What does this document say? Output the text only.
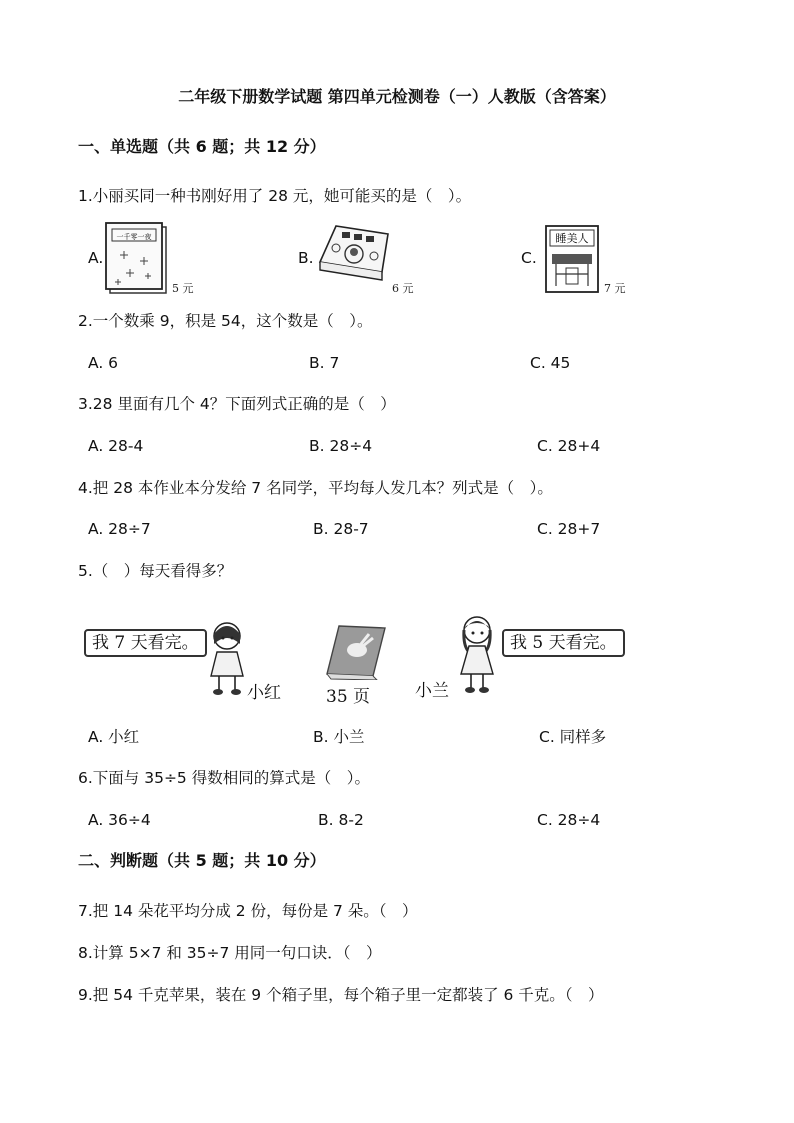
二年级下册数学试题 第四单元检测卷（一）人教版（含答案）
一、单选题（共 6 题；共 12 分）
1.小丽买同一种书刚好用了 28 元，她可能买的是（　）。
A.
一千零一夜
5 元
B.
6 元
C.
睡美人
7 元
2.一个数乘 9，积是 54，这个数是（　）。
A. 6	B. 7	C. 45
3.28 里面有几个 4？下面列式正确的是（　）
A. 28-4	B. 28÷4	C. 28+4
4.把 28 本作业本分发给 7 名同学，平均每人发几本？列式是（　）。
A. 28÷7	B. 28-7	C. 28+7
5.（　）每天看得多？
我 7 天看完。
小红	35 页	小兰
我 5 天看完。
A. 小红	B. 小兰	C. 同样多
6.下面与 35÷5 得数相同的算式是（　）。
A. 36÷4	B. 8-2	C. 28÷4
二、判断题（共 5 题；共 10 分）
7.把 14 朵花平均分成 2 份，每份是 7 朵。（　）
8.计算 5×7 和 35÷7 用同一句口诀．（　）
9.把 54 千克苹果，装在 9 个箱子里，每个箱子里一定都装了 6 千克。（　）
